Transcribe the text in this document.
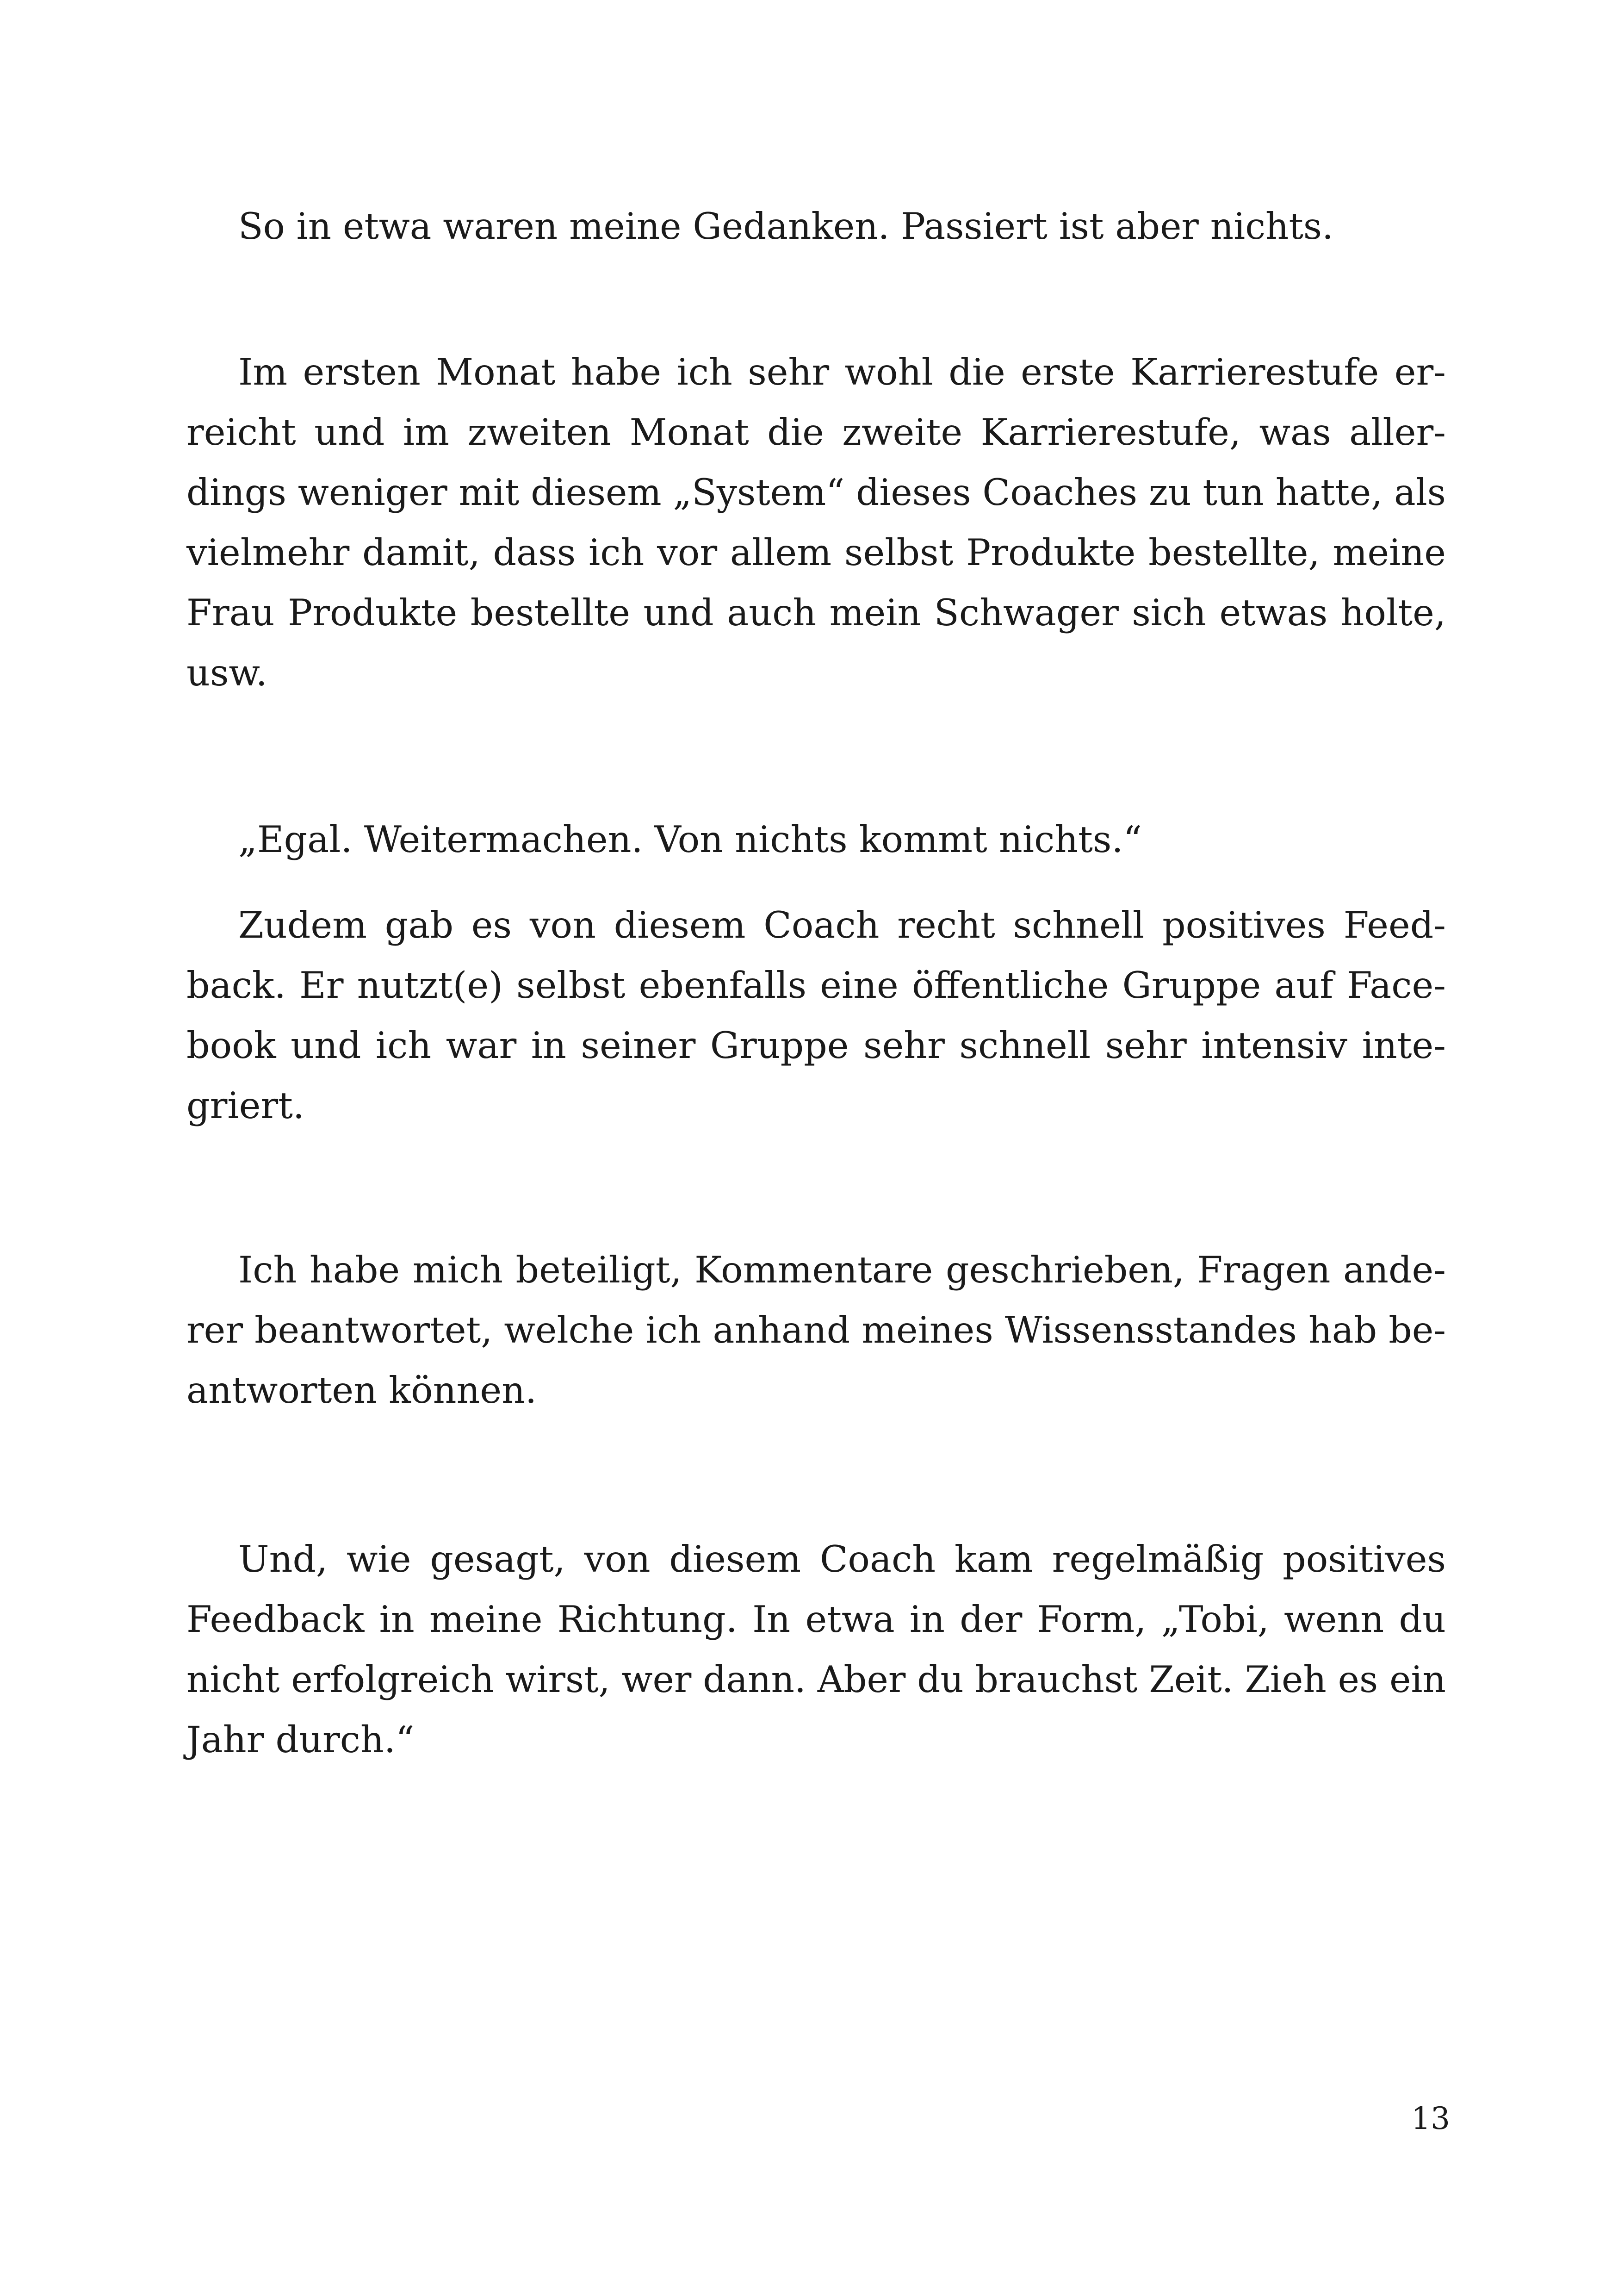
So in etwa waren meine Gedanken. Passiert ist aber nichts.
Im ersten Monat habe ich sehr wohl die erste Karrierestufe er-
reicht und im zweiten Monat die zweite Karrierestufe, was aller-
dings weniger mit diesem „System“ dieses Coaches zu tun hatte, als
vielmehr damit, dass ich vor allem selbst Produkte bestellte, meine
Frau Produkte bestellte und auch mein Schwager sich etwas holte,
usw.
„Egal. Weitermachen. Von nichts kommt nichts.“
Zudem gab es von diesem Coach recht schnell positives Feed-
back. Er nutzt(e) selbst ebenfalls eine öffentliche Gruppe auf Face-
book und ich war in seiner Gruppe sehr schnell sehr intensiv inte-
griert.
Ich habe mich beteiligt, Kommentare geschrieben, Fragen ande-
rer beantwortet, welche ich anhand meines Wissensstandes hab be-
antworten können.
Und, wie gesagt, von diesem Coach kam regelmäßig positives
Feedback in meine Richtung. In etwa in der Form, „Tobi, wenn du
nicht erfolgreich wirst, wer dann. Aber du brauchst Zeit. Zieh es ein
Jahr durch.“
13
